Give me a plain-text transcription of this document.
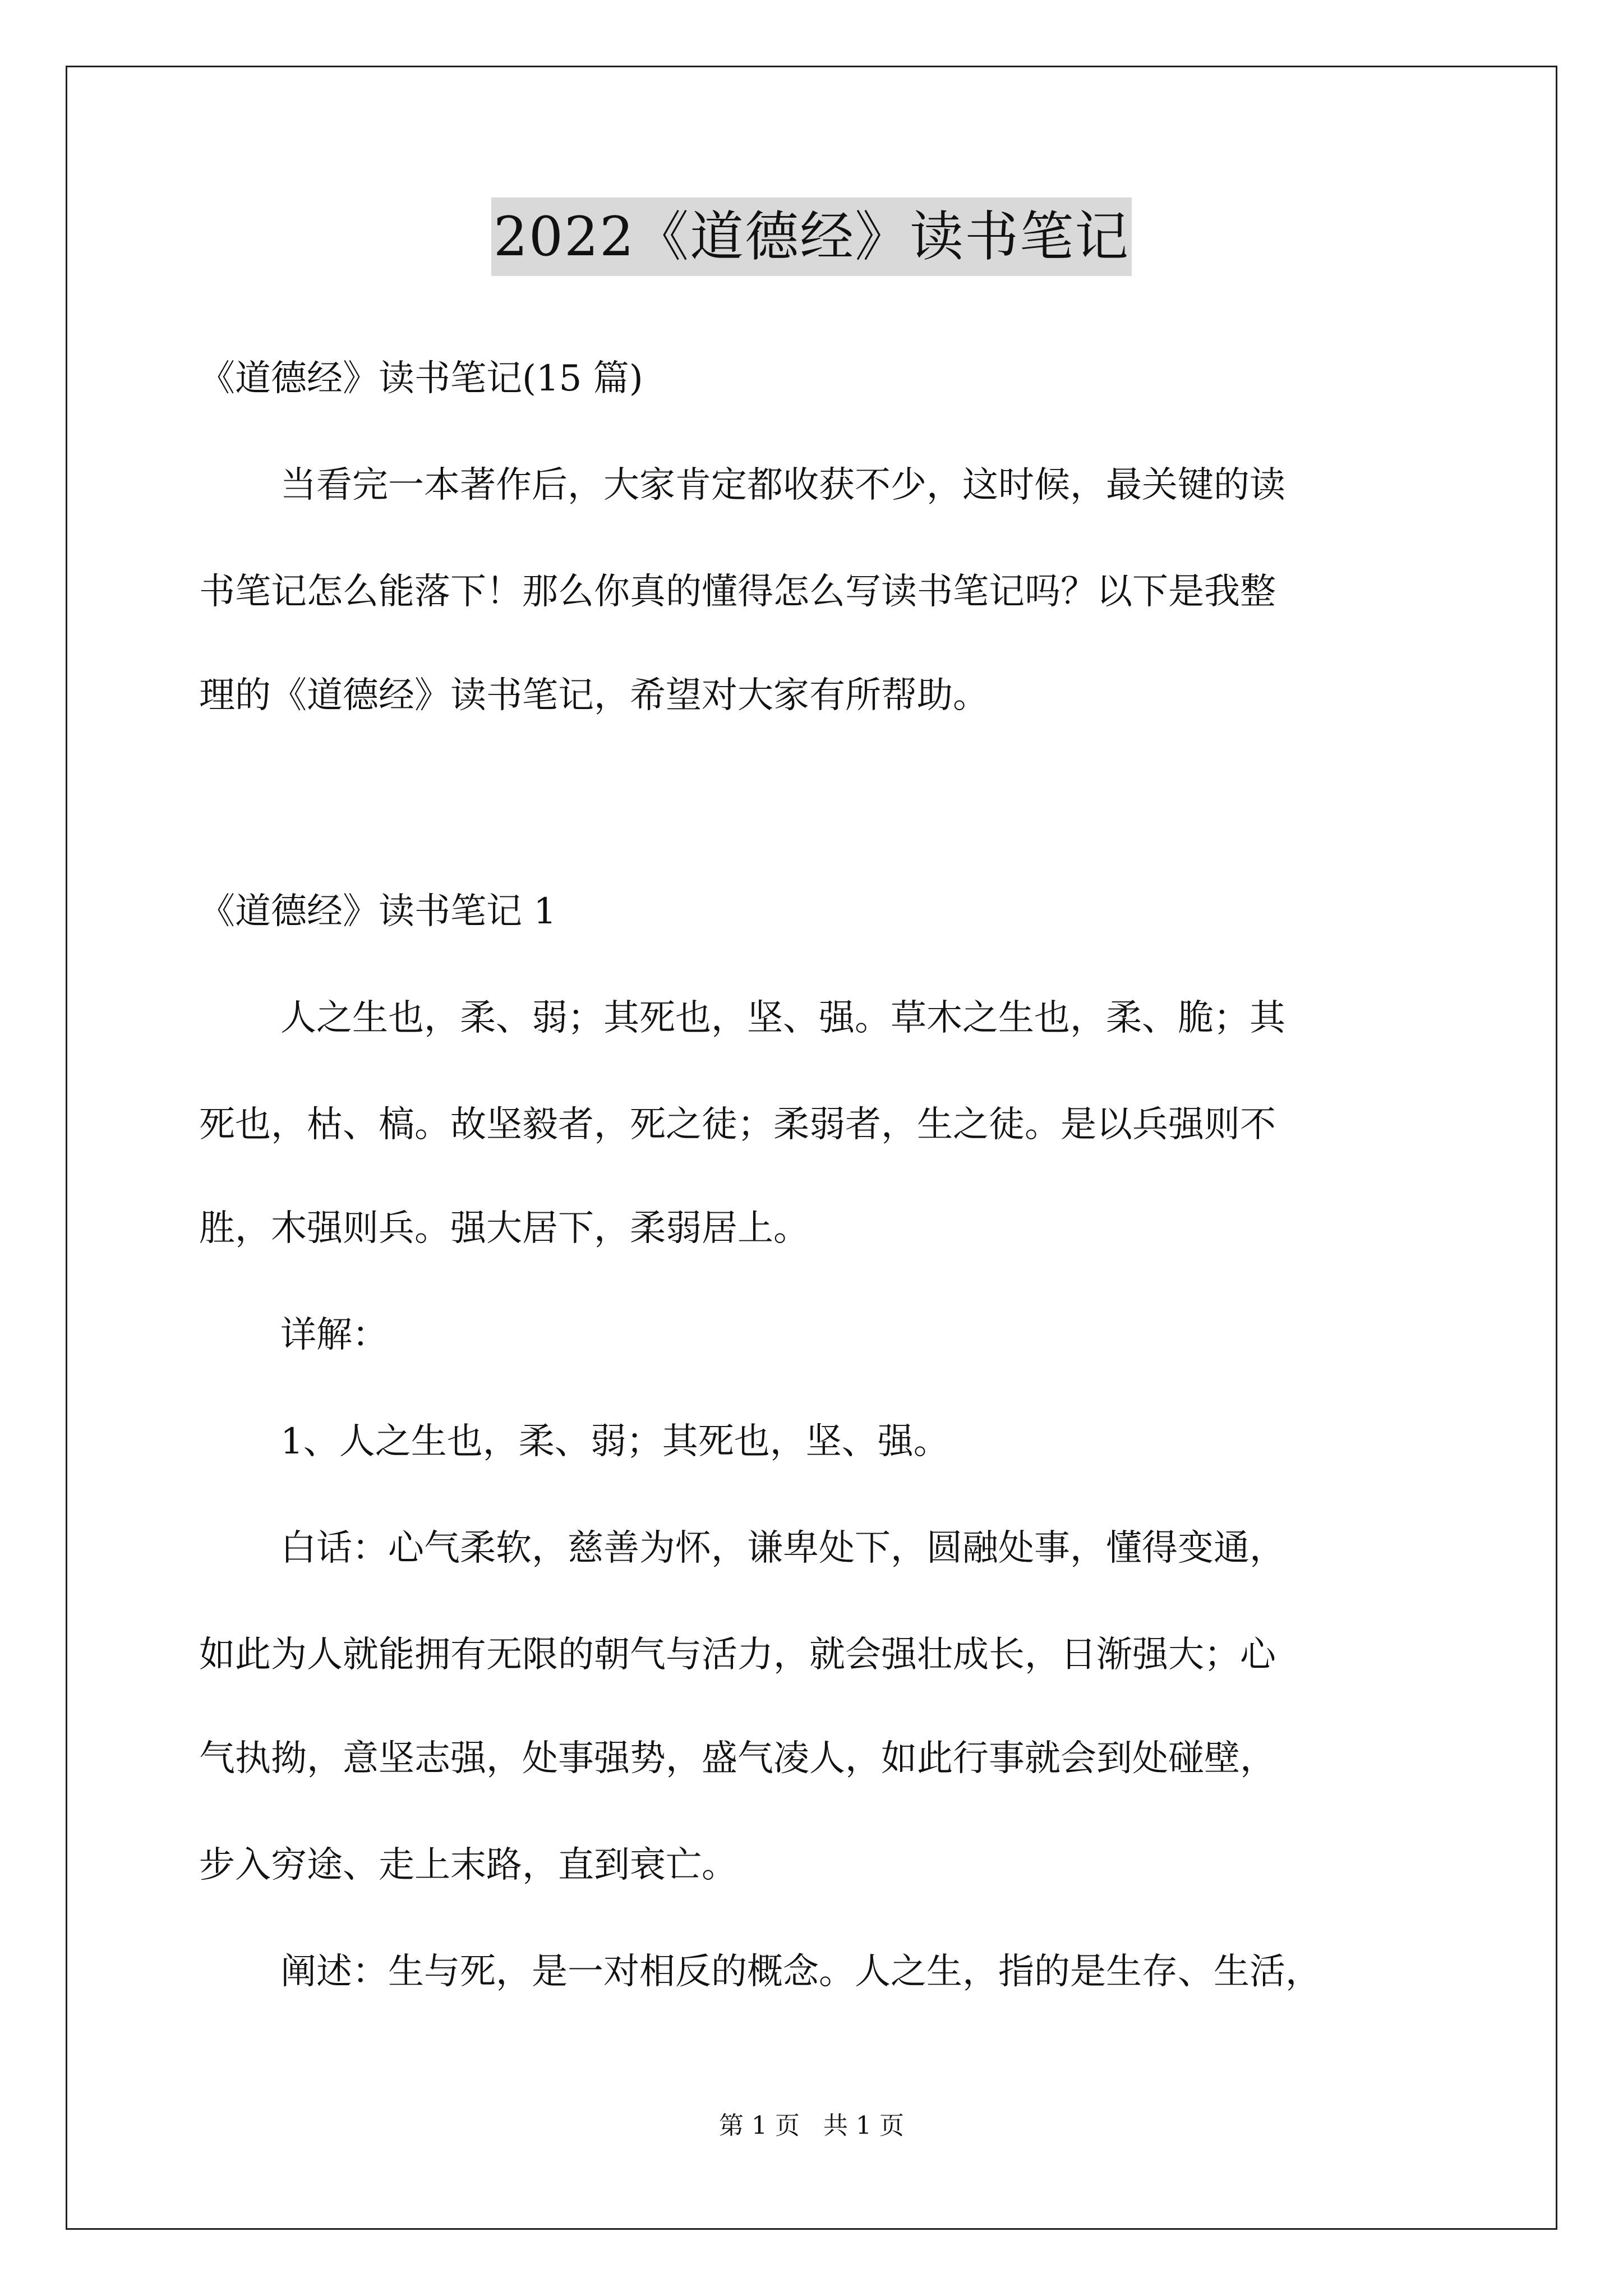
2022《道德经》读书笔记
《道德经》读书笔记(15 篇)
当看完一本著作后，大家肯定都收获不少，这时候，最关键的读
书笔记怎么能落下！那么你真的懂得怎么写读书笔记吗？以下是我整
理的《道德经》读书笔记，希望对大家有所帮助。
《道德经》读书笔记 1
人之生也，柔、弱；其死也，坚、强。草木之生也，柔、脆；其
死也，枯、槁。故坚毅者，死之徒；柔弱者，生之徒。是以兵强则不
胜，木强则兵。强大居下，柔弱居上。
详解：
1、人之生也，柔、弱；其死也，坚、强。
白话：心气柔软，慈善为怀，谦卑处下，圆融处事，懂得变通，
如此为人就能拥有无限的朝气与活力，就会强壮成长，日渐强大；心
气执拗，意坚志强，处事强势，盛气凌人，如此行事就会到处碰壁，
步入穷途、走上末路，直到衰亡。
阐述：生与死，是一对相反的概念。人之生，指的是生存、生活，
第 1 页 共 1 页
